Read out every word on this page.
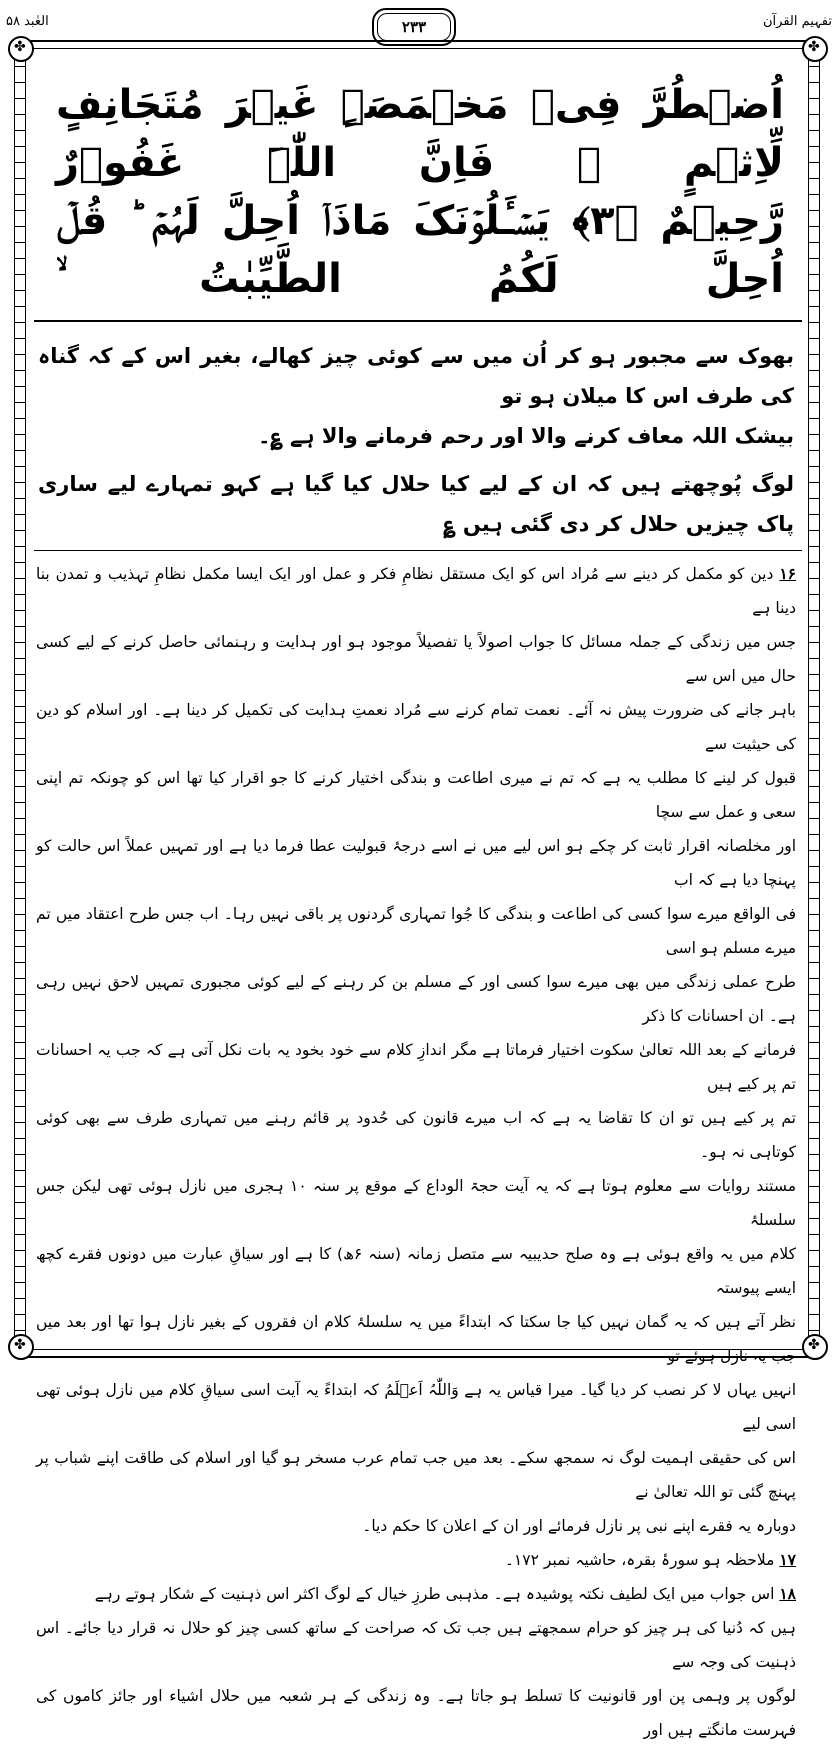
العٰبد ۵۸	۲۳۳	تفہیم القرآن
✤
✤
✤
✤
اُضۡطُرَّ فِیۡ مَخۡمَصَۃٍ غَیۡرَ مُتَجَانِفٍ لِّاِثۡمٍ ۙ فَاِنَّ اللّٰہَ غَفُوۡرٌ
رَّحِیۡمٌ ﴿۳﴾ یَسۡـَٔلُوۡنَکَ مَاذَاۤ اُحِلَّ لَہُمۡ ؕ قُلۡ اُحِلَّ لَکُمُ الطَّیِّبٰتُ ۙ
بھوک سے مجبور ہو کر اُن میں سے کوئی چیز کھالے، بغیر اس کے کہ گناہ کی طرف اس کا میلان ہو تو
بیشک اللہ معاف کرنے والا اور رحم فرمانے والا ہے ؏۔
لوگ پُوچھتے ہیں کہ ان کے لیے کیا حلال کیا گیا ہے کہو تمہارے لیے ساری پاک چیزیں حلال کر دی گئی ہیں ؏
۱۶ دین کو مکمل کر دینے سے مُراد اس کو ایک مستقل نظامِ فکر و عمل اور ایک ایسا مکمل نظامِ تہذیب و تمدن بنا دینا ہے
جس میں زندگی کے جملہ مسائل کا جواب اصولاً یا تفصیلاً موجود ہو اور ہدایت و رہنمائی حاصل کرنے کے لیے کسی حال میں اس سے
باہر جانے کی ضرورت پیش نہ آئے۔ نعمت تمام کرنے سے مُراد نعمتِ ہدایت کی تکمیل کر دینا ہے۔ اور اسلام کو دین کی حیثیت سے
قبول کر لینے کا مطلب یہ ہے کہ تم نے میری اطاعت و بندگی اختیار کرنے کا جو اقرار کیا تھا اس کو چونکہ تم اپنی سعی و عمل سے سچا
اور مخلصانہ اقرار ثابت کر چکے ہو اس لیے میں نے اسے درجۂ قبولیت عطا فرما دیا ہے اور تمہیں عملاً اس حالت کو پہنچا دیا ہے کہ اب
فی الواقع میرے سوا کسی کی اطاعت و بندگی کا جُوا تمہاری گردنوں پر باقی نہیں رہا۔ اب جس طرح اعتقاد میں تم میرے مسلم ہو اسی
طرح عملی زندگی میں بھی میرے سوا کسی اور کے مسلم بن کر رہنے کے لیے کوئی مجبوری تمہیں لاحق نہیں رہی ہے۔ ان احسانات کا ذکر
فرمانے کے بعد اللہ تعالیٰ سکوت اختیار فرماتا ہے مگر اندازِ کلام سے خود بخود یہ بات نکل آتی ہے کہ جب یہ احسانات تم پر کیے ہیں
تم پر کیے ہیں تو ان کا تقاضا یہ ہے کہ اب میرے قانون کی حُدود پر قائم رہنے میں تمہاری طرف سے بھی کوئی کوتاہی نہ ہو۔
مستند روایات سے معلوم ہوتا ہے کہ یہ آیت حجۃ الوداع کے موقع پر سنہ ۱۰ ہجری میں نازل ہوئی تھی لیکن جس سلسلۂ
کلام میں یہ واقع ہوئی ہے وہ صلح حدیبیہ سے متصل زمانہ (سنہ ۶ھ) کا ہے اور سیاقِ عبارت میں دونوں فقرے کچھ ایسے پیوستہ
نظر آتے ہیں کہ یہ گمان نہیں کیا جا سکتا کہ ابتداءً میں یہ سلسلۂ کلام ان فقروں کے بغیر نازل ہوا تھا اور بعد میں جب یہ نازل ہوئے تو
انہیں یہاں لا کر نصب کر دیا گیا۔ میرا قیاس یہ ہے وَاللّٰہُ اَعۡلَمُ کہ ابتداءً یہ آیت اسی سیاقِ کلام میں نازل ہوئی تھی اسی لیے
اس کی حقیقی اہمیت لوگ نہ سمجھ سکے۔ بعد میں جب تمام عرب مسخر ہو گیا اور اسلام کی طاقت اپنے شباب پر پہنچ گئی تو اللہ تعالیٰ نے
دوبارہ یہ فقرے اپنے نبی پر نازل فرمائے اور ان کے اعلان کا حکم دیا۔
۱۷ ملاحظہ ہو سورۂ بقرہ، حاشیہ نمبر ۱۷۲۔
۱۸ اس جواب میں ایک لطیف نکتہ پوشیدہ ہے۔ مذہبی طرزِ خیال کے لوگ اکثر اس ذہنیت کے شکار ہوتے رہے
ہیں کہ دُنیا کی ہر چیز کو حرام سمجھتے ہیں جب تک کہ صراحت کے ساتھ کسی چیز کو حلال نہ قرار دیا جائے۔ اس ذہنیت کی وجہ سے
لوگوں پر وہمی پن اور قانونیت کا تسلط ہو جاتا ہے۔ وہ زندگی کے ہر شعبہ میں حلال اشیاء اور جائز کاموں کی فہرست مانگتے ہیں اور
